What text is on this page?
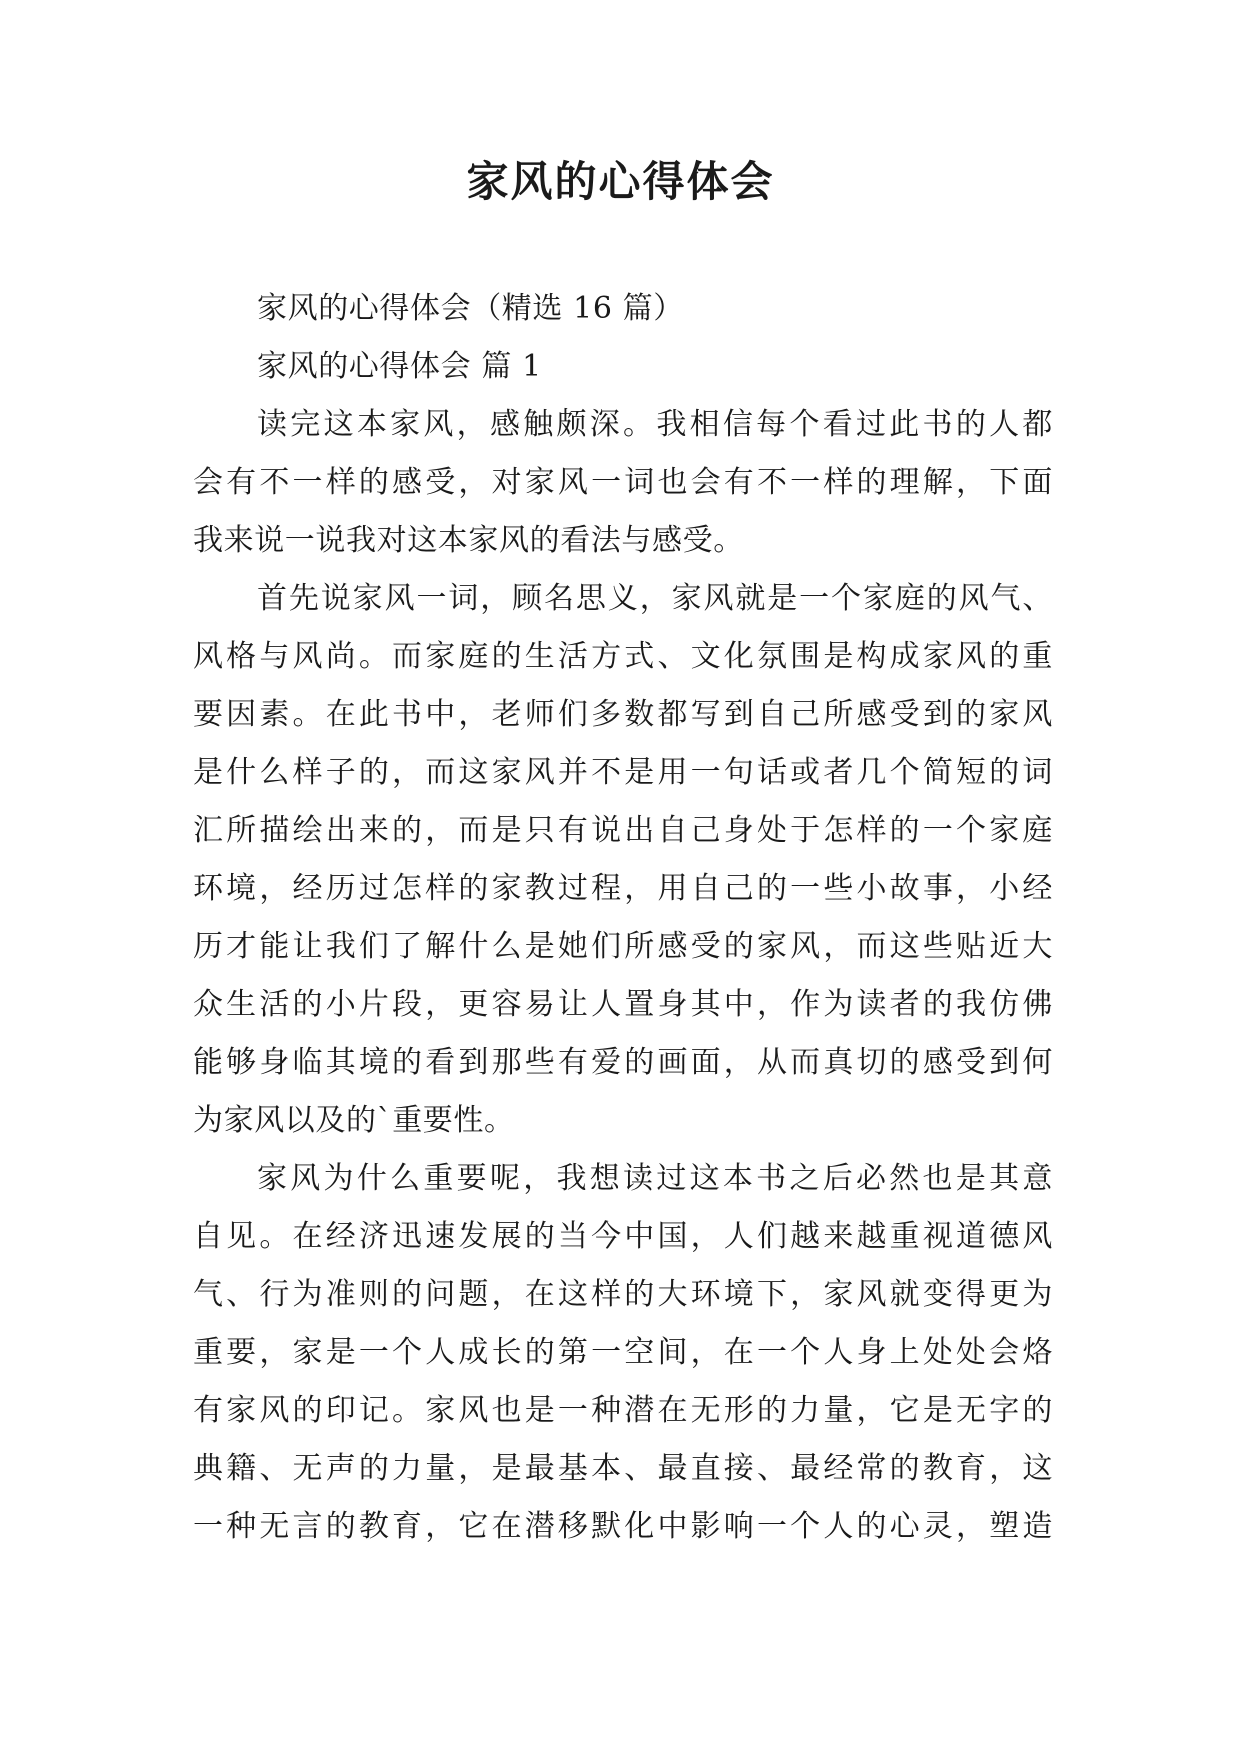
家风的心得体会

家风的心得体会（精选 16 篇）

家风的心得体会 篇 1

读完这本家风，感触颇深。我相信每个看过此书的人都

会有不一样的感受，对家风一词也会有不一样的理解，下面

我来说一说我对这本家风的看法与感受。

首先说家风一词，顾名思义，家风就是一个家庭的风气、

风格与风尚。而家庭的生活方式、文化氛围是构成家风的重

要因素。在此书中，老师们多数都写到自己所感受到的家风

是什么样子的，而这家风并不是用一句话或者几个简短的词

汇所描绘出来的，而是只有说出自己身处于怎样的一个家庭

环境，经历过怎样的家教过程，用自己的一些小故事，小经

历才能让我们了解什么是她们所感受的家风，而这些贴近大

众生活的小片段，更容易让人置身其中，作为读者的我仿佛

能够身临其境的看到那些有爱的画面，从而真切的感受到何

为家风以及的`重要性。

家风为什么重要呢，我想读过这本书之后必然也是其意

自见。在经济迅速发展的当今中国，人们越来越重视道德风

气、行为准则的问题，在这样的大环境下，家风就变得更为

重要，家是一个人成长的第一空间，在一个人身上处处会烙

有家风的印记。家风也是一种潜在无形的力量，它是无字的

典籍、无声的力量，是最基本、最直接、最经常的教育，这

一种无言的教育，它在潜移默化中影响一个人的心灵，塑造
